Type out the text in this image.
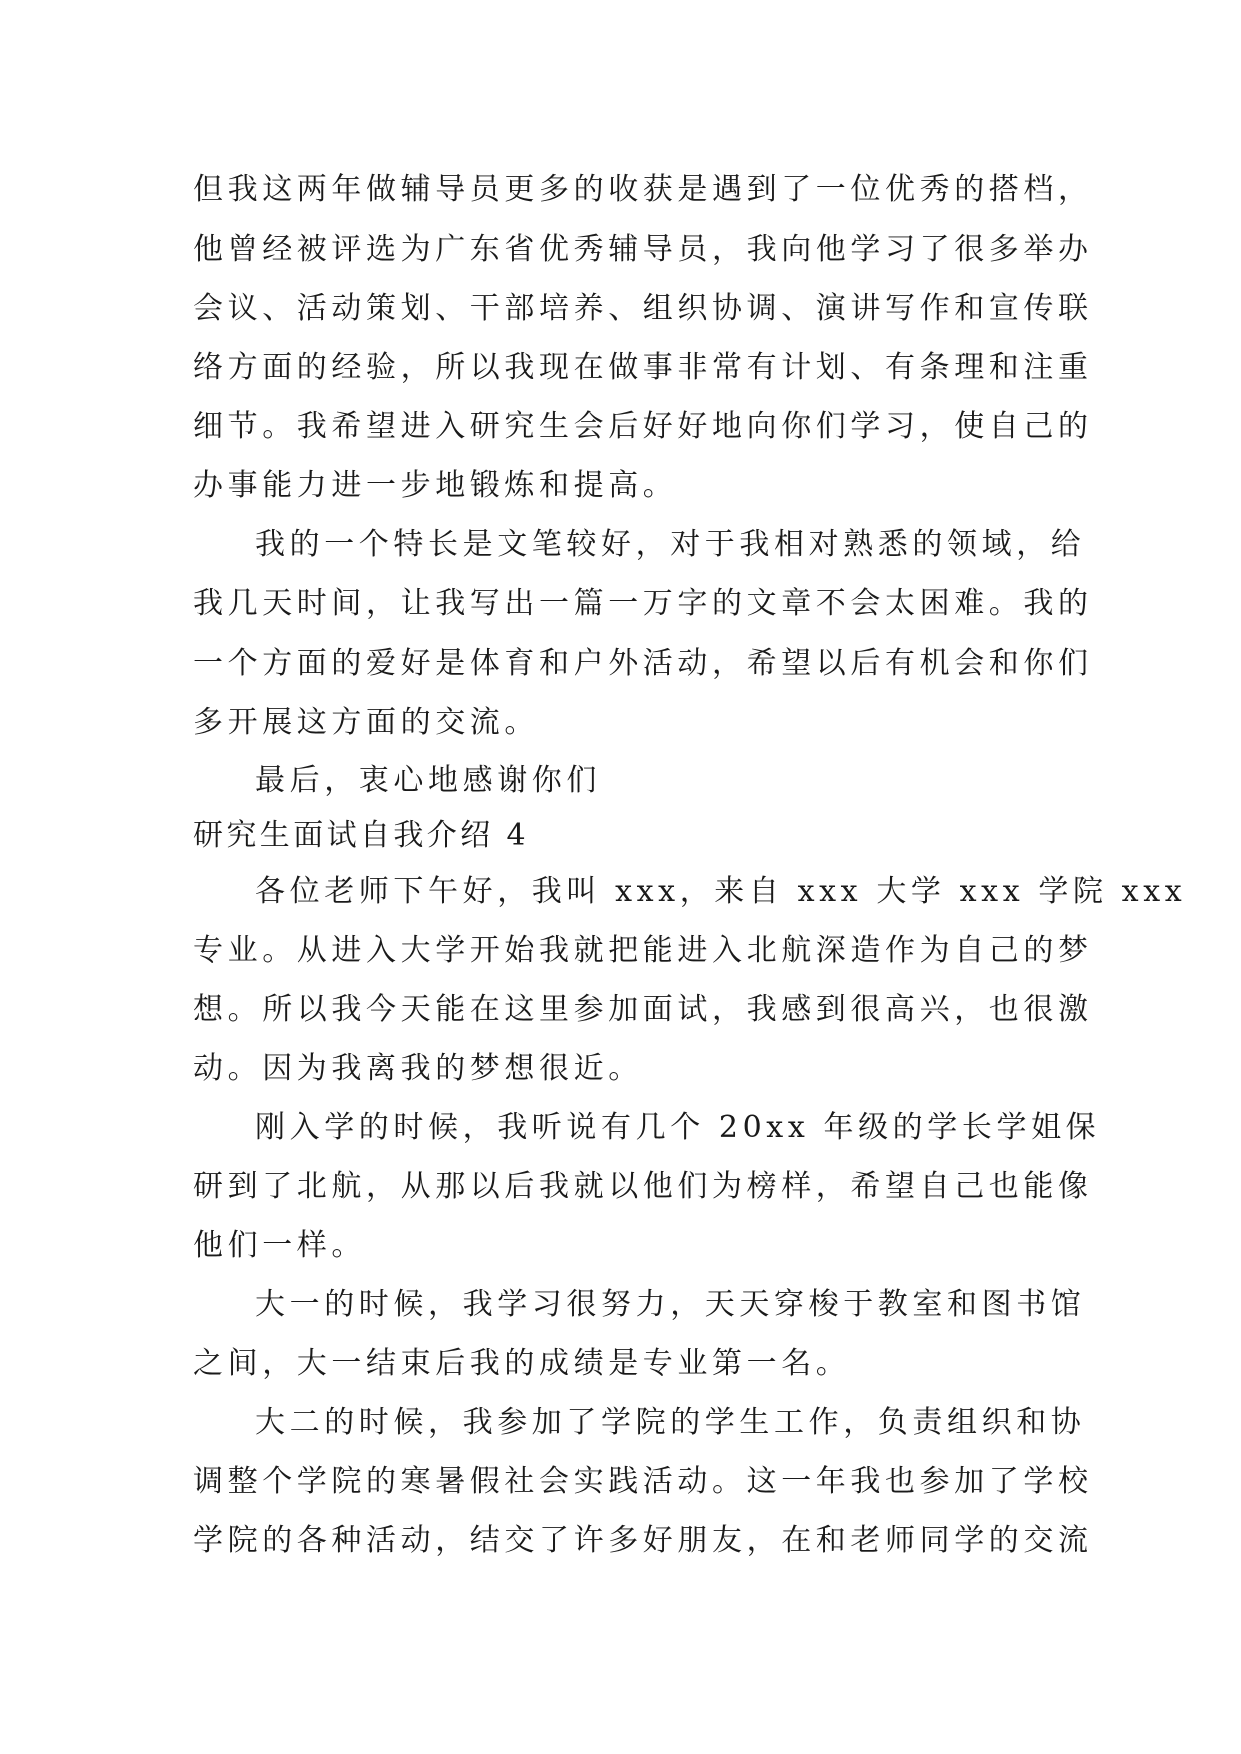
但我这两年做辅导员更多的收获是遇到了一位优秀的搭档，
他曾经被评选为广东省优秀辅导员，我向他学习了很多举办
会议、活动策划、干部培养、组织协调、演讲写作和宣传联
络方面的经验，所以我现在做事非常有计划、有条理和注重
细节。我希望进入研究生会后好好地向你们学习，使自己的
办事能力进一步地锻炼和提高。
我的一个特长是文笔较好，对于我相对熟悉的领域，给
我几天时间，让我写出一篇一万字的文章不会太困难。我的
一个方面的爱好是体育和户外活动，希望以后有机会和你们
多开展这方面的交流。
最后，衷心地感谢你们
研究生面试自我介绍 4
各位老师下午好，我叫 xxx，来自 xxx 大学 xxx 学院 xxx
专业。从进入大学开始我就把能进入北航深造作为自己的梦
想。所以我今天能在这里参加面试，我感到很高兴，也很激
动。因为我离我的梦想很近。
刚入学的时候，我听说有几个 20xx 年级的学长学姐保
研到了北航，从那以后我就以他们为榜样，希望自己也能像
他们一样。
大一的时候，我学习很努力，天天穿梭于教室和图书馆
之间，大一结束后我的成绩是专业第一名。
大二的时候，我参加了学院的学生工作，负责组织和协
调整个学院的寒暑假社会实践活动。这一年我也参加了学校
学院的各种活动，结交了许多好朋友，在和老师同学的交流
